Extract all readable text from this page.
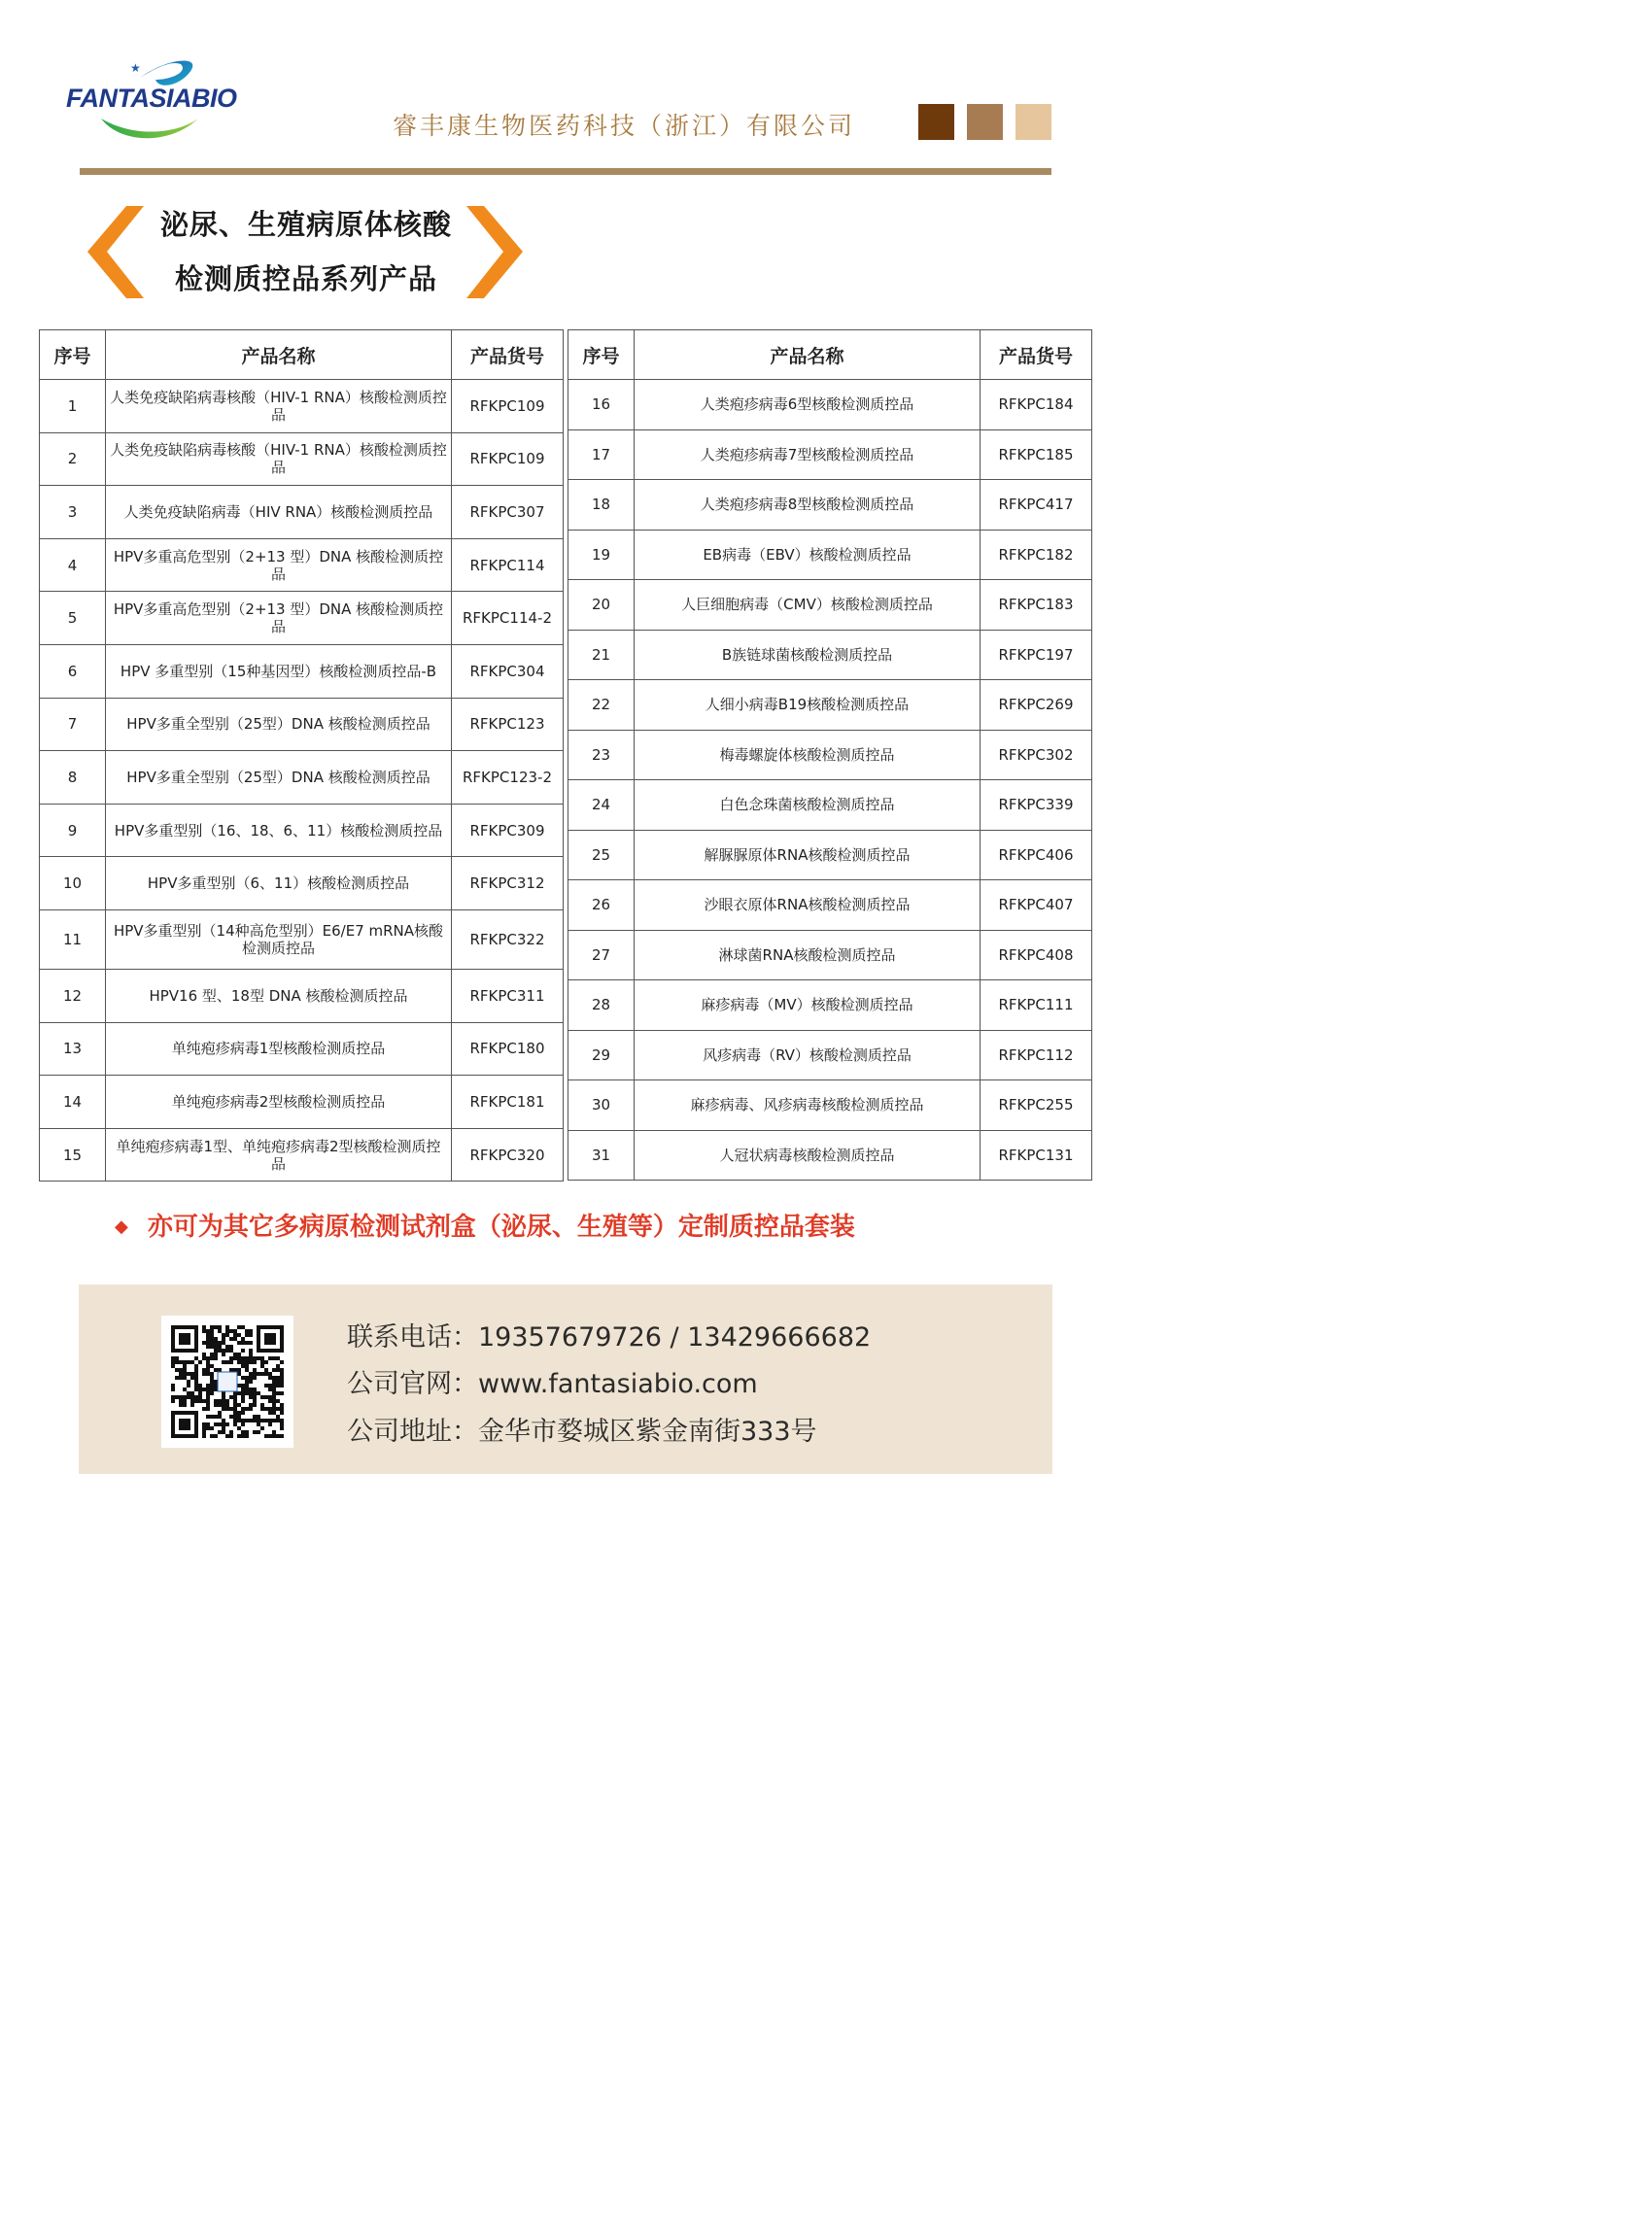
★
FANTASIABIO
睿丰康生物医药科技（浙江）有限公司
泌尿、生殖病原体核酸
检测质控品系列产品
序号	产品名称	产品货号
1	人类免疫缺陷病毒核酸（HIV-1 RNA）核酸检测质控品	RFKPC109
2	人类免疫缺陷病毒核酸（HIV-1 RNA）核酸检测质控品	RFKPC109
3	人类免疫缺陷病毒（HIV RNA）核酸检测质控品	RFKPC307
4	HPV多重高危型别（2+13 型）DNA 核酸检测质控品	RFKPC114
5	HPV多重高危型别（2+13 型）DNA 核酸检测质控品	RFKPC114-2
6	HPV 多重型别（15种基因型）核酸检测质控品-B	RFKPC304
7	HPV多重全型别（25型）DNA 核酸检测质控品	RFKPC123
8	HPV多重全型别（25型）DNA 核酸检测质控品	RFKPC123-2
9	HPV多重型别（16、18、6、11）核酸检测质控品	RFKPC309
10	HPV多重型别（6、11）核酸检测质控品	RFKPC312
11	HPV多重型别（14种高危型别）E6/E7 mRNA核酸检测质控品	RFKPC322
12	HPV16 型、18型 DNA 核酸检测质控品	RFKPC311
13	单纯疱疹病毒1型核酸检测质控品	RFKPC180
14	单纯疱疹病毒2型核酸检测质控品	RFKPC181
15	单纯疱疹病毒1型、单纯疱疹病毒2型核酸检测质控品	RFKPC320
序号	产品名称	产品货号
16	人类疱疹病毒6型核酸检测质控品	RFKPC184
17	人类疱疹病毒7型核酸检测质控品	RFKPC185
18	人类疱疹病毒8型核酸检测质控品	RFKPC417
19	EB病毒（EBV）核酸检测质控品	RFKPC182
20	人巨细胞病毒（CMV）核酸检测质控品	RFKPC183
21	B族链球菌核酸检测质控品	RFKPC197
22	人细小病毒B19核酸检测质控品	RFKPC269
23	梅毒螺旋体核酸检测质控品	RFKPC302
24	白色念珠菌核酸检测质控品	RFKPC339
25	解脲脲原体RNA核酸检测质控品	RFKPC406
26	沙眼衣原体RNA核酸检测质控品	RFKPC407
27	淋球菌RNA核酸检测质控品	RFKPC408
28	麻疹病毒（MV）核酸检测质控品	RFKPC111
29	风疹病毒（RV）核酸检测质控品	RFKPC112
30	麻疹病毒、风疹病毒核酸检测质控品	RFKPC255
31	人冠状病毒核酸检测质控品	RFKPC131
◆ 亦可为其它多病原检测试剂盒（泌尿、生殖等）定制质控品套装
联系电话：19357679726 / 13429666682
公司官网：www.fantasiabio.com
公司地址：金华市婺城区紫金南街333号
